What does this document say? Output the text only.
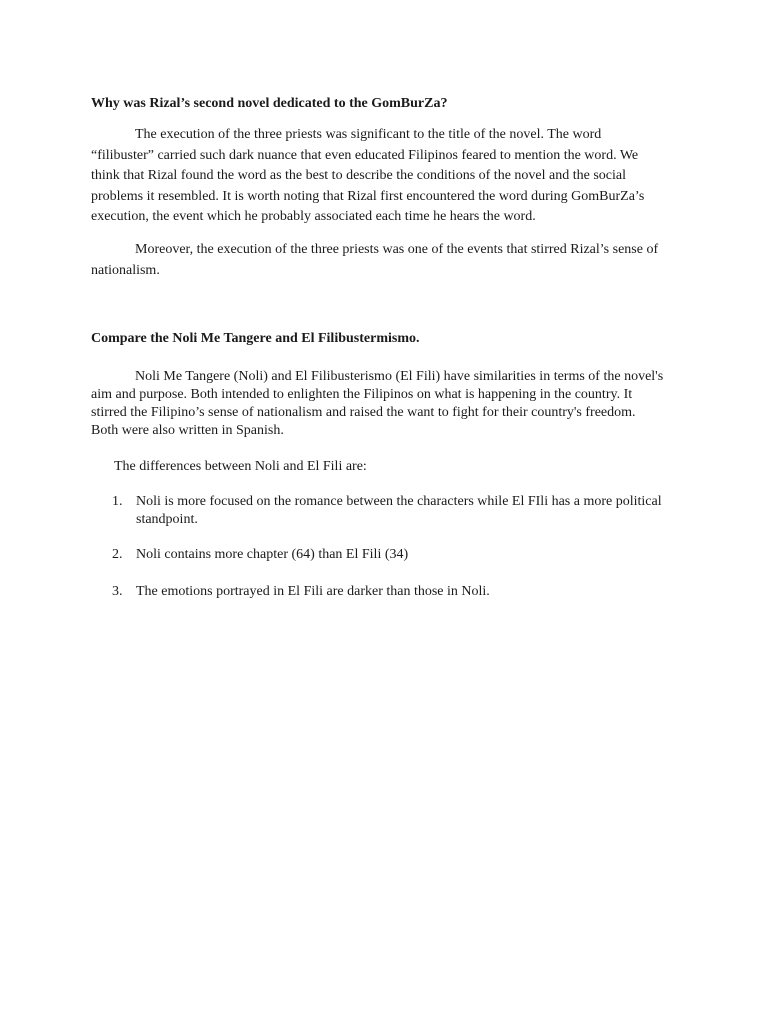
Why was Rizal’s second novel dedicated to the GomBurZa?

The execution of the three priests was significant to the title of the novel. The word “filibuster” carried such dark nuance that even educated Filipinos feared to mention the word. We think that Rizal found the word as the best to describe the conditions of the novel and the social problems it resembled. It is worth noting that Rizal first encountered the word during GomBurZa’s execution, the event which he probably associated each time he hears the word.

Moreover, the execution of the three priests was one of the events that stirred Rizal’s sense of nationalism.

Compare the Noli Me Tangere and El Filibustermismo.

Noli Me Tangere (Noli) and El Filibusterismo (El Fili) have similarities in terms of the novel's aim and purpose. Both intended to enlighten the Filipinos on what is happening in the country. It stirred the Filipino’s sense of nationalism and raised the want to fight for their country's freedom. Both were also written in Spanish.

The differences between Noli and El Fili are:
1. Noli is more focused on the romance between the characters while El FIli has a more political standpoint.
2. Noli contains more chapter (64) than El Fili (34)
3. The emotions portrayed in El Fili are darker than those in Noli.
